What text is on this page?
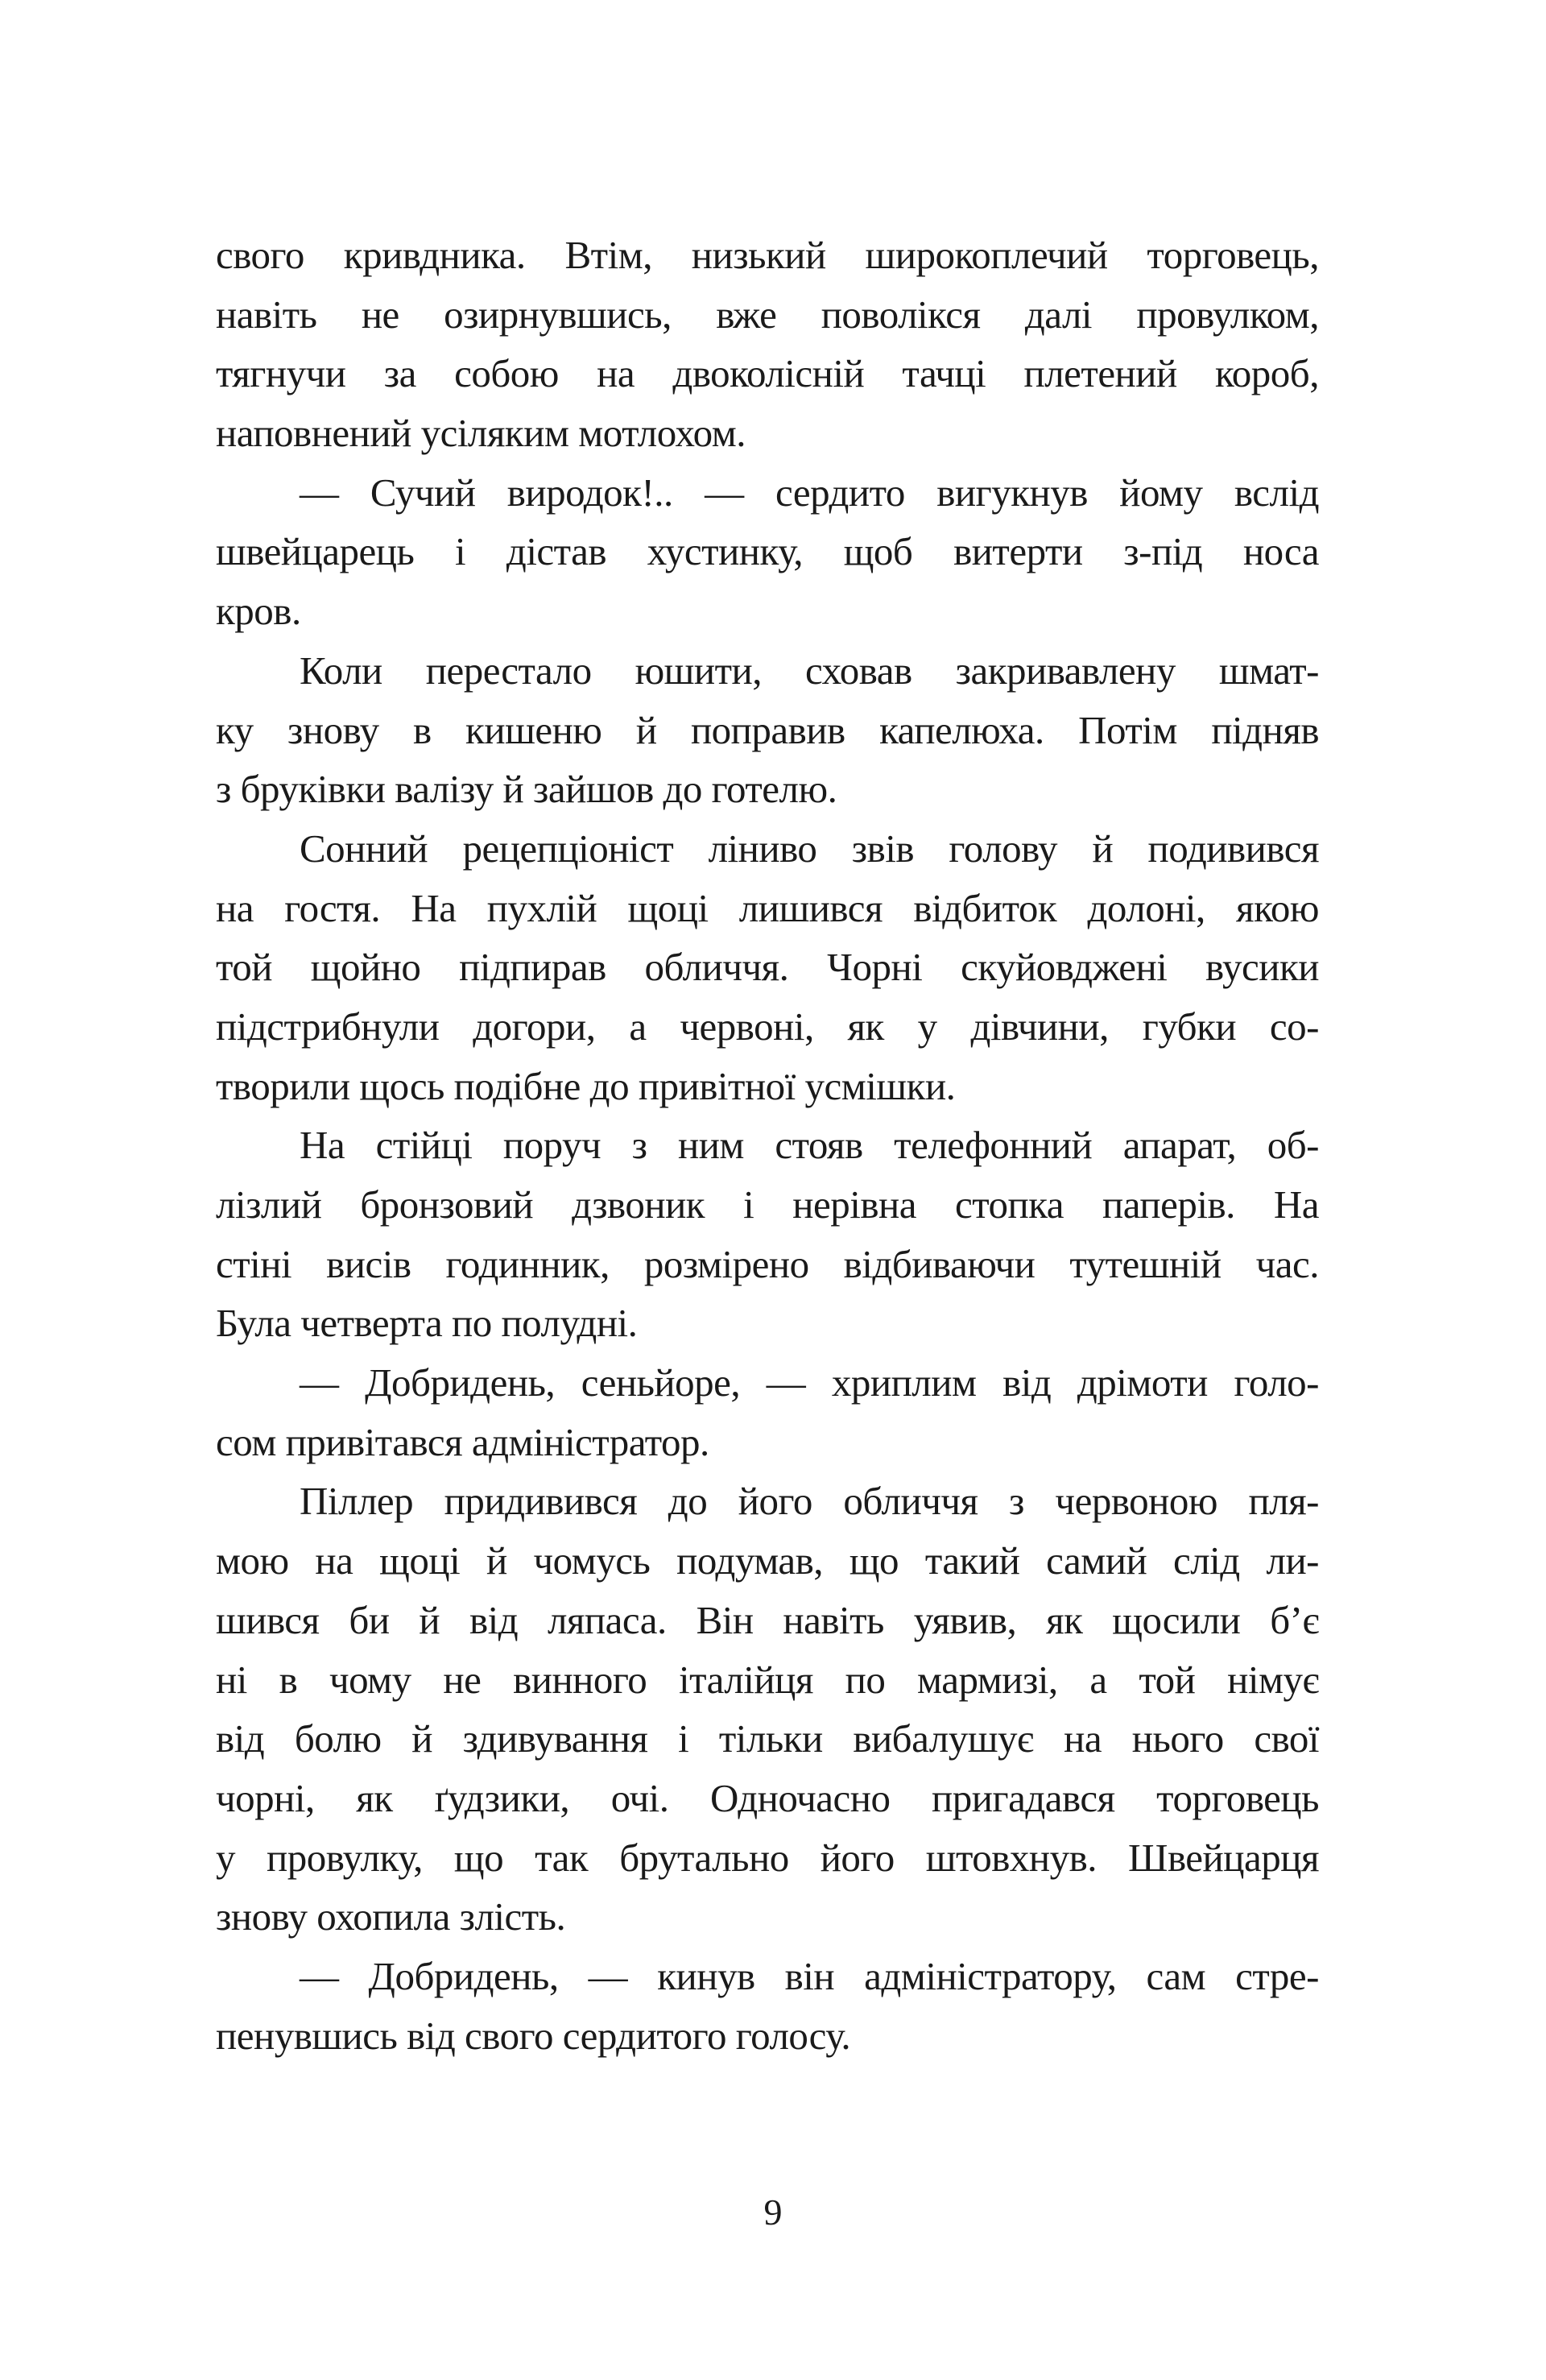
свого кривдника. Втім, низький широкоплечий торговець,
навіть не озирнувшись, вже поволікся далі провулком,
тягнучи за собою на двоколісній тачці плетений короб,
наповнений усіляким мотлохом.
— Сучий виродок!.. — сердито вигукнув йому вслід
швейцарець і дістав хустинку, щоб витерти з-під носа
кров.
Коли перестало юшити, сховав закривавлену шмат-
ку знову в кишеню й поправив капелюха. Потім підняв
з бруківки валізу й зайшов до готелю.
Сонний рецепціоніст ліниво звів голову й подивився
на гостя. На пухлій щоці лишився відбиток долоні, якою
той щойно підпирав обличчя. Чорні скуйовджені вусики
підстрибнули догори, а червоні, як у дівчини, губки со-
творили щось подібне до привітної усмішки.
На стійці поруч з ним стояв телефонний апарат, об-
лізлий бронзовий дзвоник і нерівна стопка паперів. На
стіні висів годинник, розмірено відбиваючи тутешній час.
Була четверта по полудні.
— Добридень, сеньйоре, — хриплим від дрімоти голо-
сом привітався адміністратор.
Піллер придивився до його обличчя з червоною пля-
мою на щоці й чомусь подумав, що такий самий слід ли-
шився би й від ляпаса. Він навіть уявив, як щосили б’є
ні в чому не винного італійця по мармизі, а той німує
від болю й здивування і тільки вибалушує на нього свої
чорні, як ґудзики, очі. Одночасно пригадався торговець
у провулку, що так брутально його штовхнув. Швейцарця
знову охопила злість.
— Добридень, — кинув він адміністратору, сам стре-
пенувшись від свого сердитого голосу.
9
